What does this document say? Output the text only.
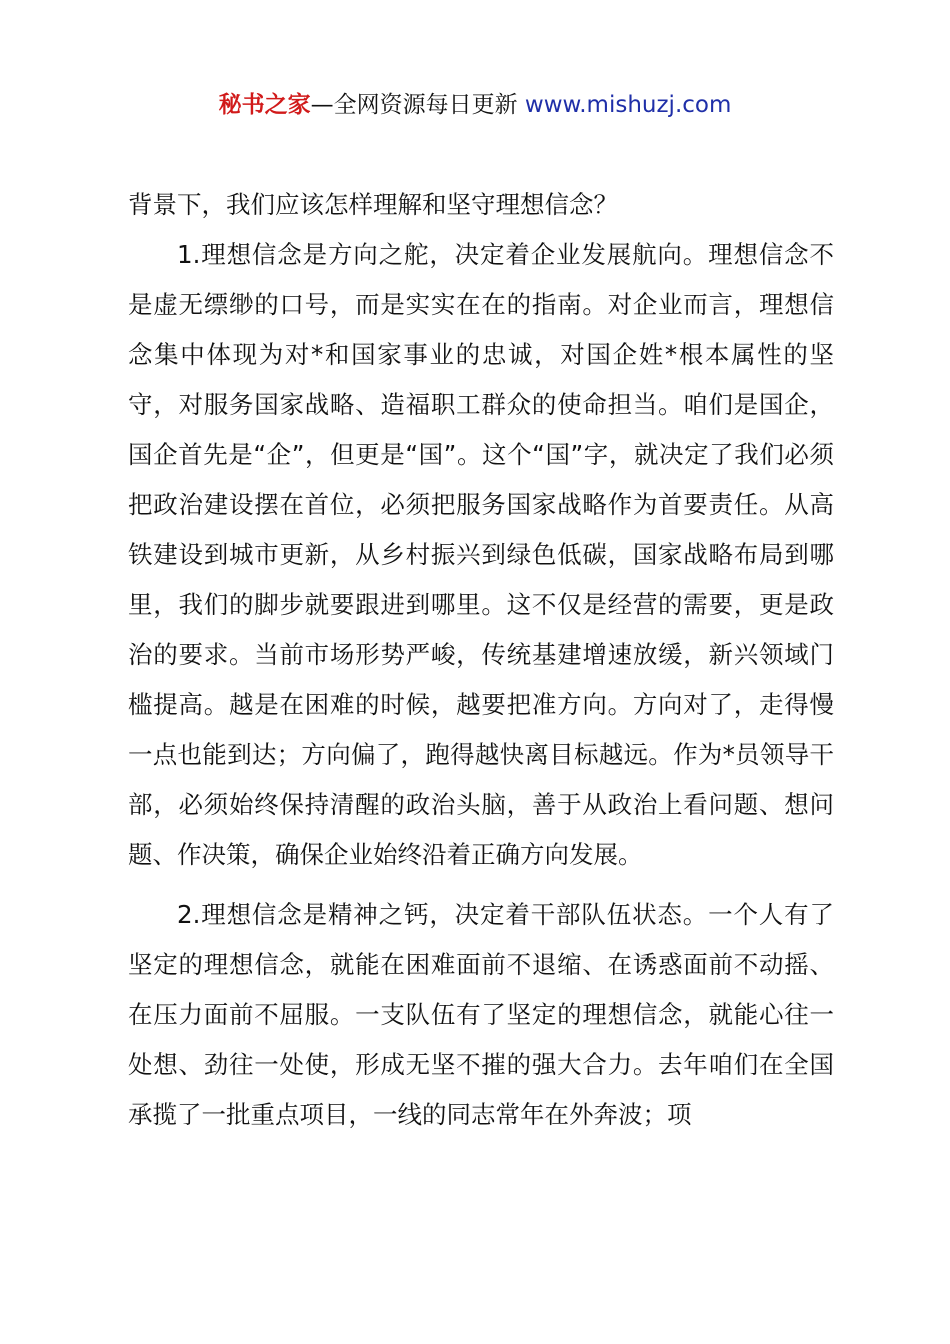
秘书之家—全网资源每日更新 www.mishuzj.com

背景下，我们应该怎样理解和坚守理想信念？

1.理想信念是方向之舵，决定着企业发展航向。理想信念不是虚无缥缈的口号，而是实实在在的指南。对企业而言，理想信念集中体现为对*和国家事业的忠诚，对国企姓*根本属性的坚守，对服务国家战略、造福职工群众的使命担当。咱们是国企，国企首先是“企”，但更是“国”。这个“国”字，就决定了我们必须把政治建设摆在首位，必须把服务国家战略作为首要责任。从高铁建设到城市更新，从乡村振兴到绿色低碳，国家战略布局到哪里，我们的脚步就要跟进到哪里。这不仅是经营的需要，更是政治的要求。当前市场形势严峻，传统基建增速放缓，新兴领域门槛提高。越是在困难的时候，越要把准方向。方向对了，走得慢一点也能到达；方向偏了，跑得越快离目标越远。作为*员领导干部，必须始终保持清醒的政治头脑，善于从政治上看问题、想问题、作决策，确保企业始终沿着正确方向发展。

2.理想信念是精神之钙，决定着干部队伍状态。一个人有了坚定的理想信念，就能在困难面前不退缩、在诱惑面前不动摇、在压力面前不屈服。一支队伍有了坚定的理想信念，就能心往一处想、劲往一处使，形成无坚不摧的强大合力。去年咱们在全国承揽了一批重点项目，一线的同志常年在外奔波；项
